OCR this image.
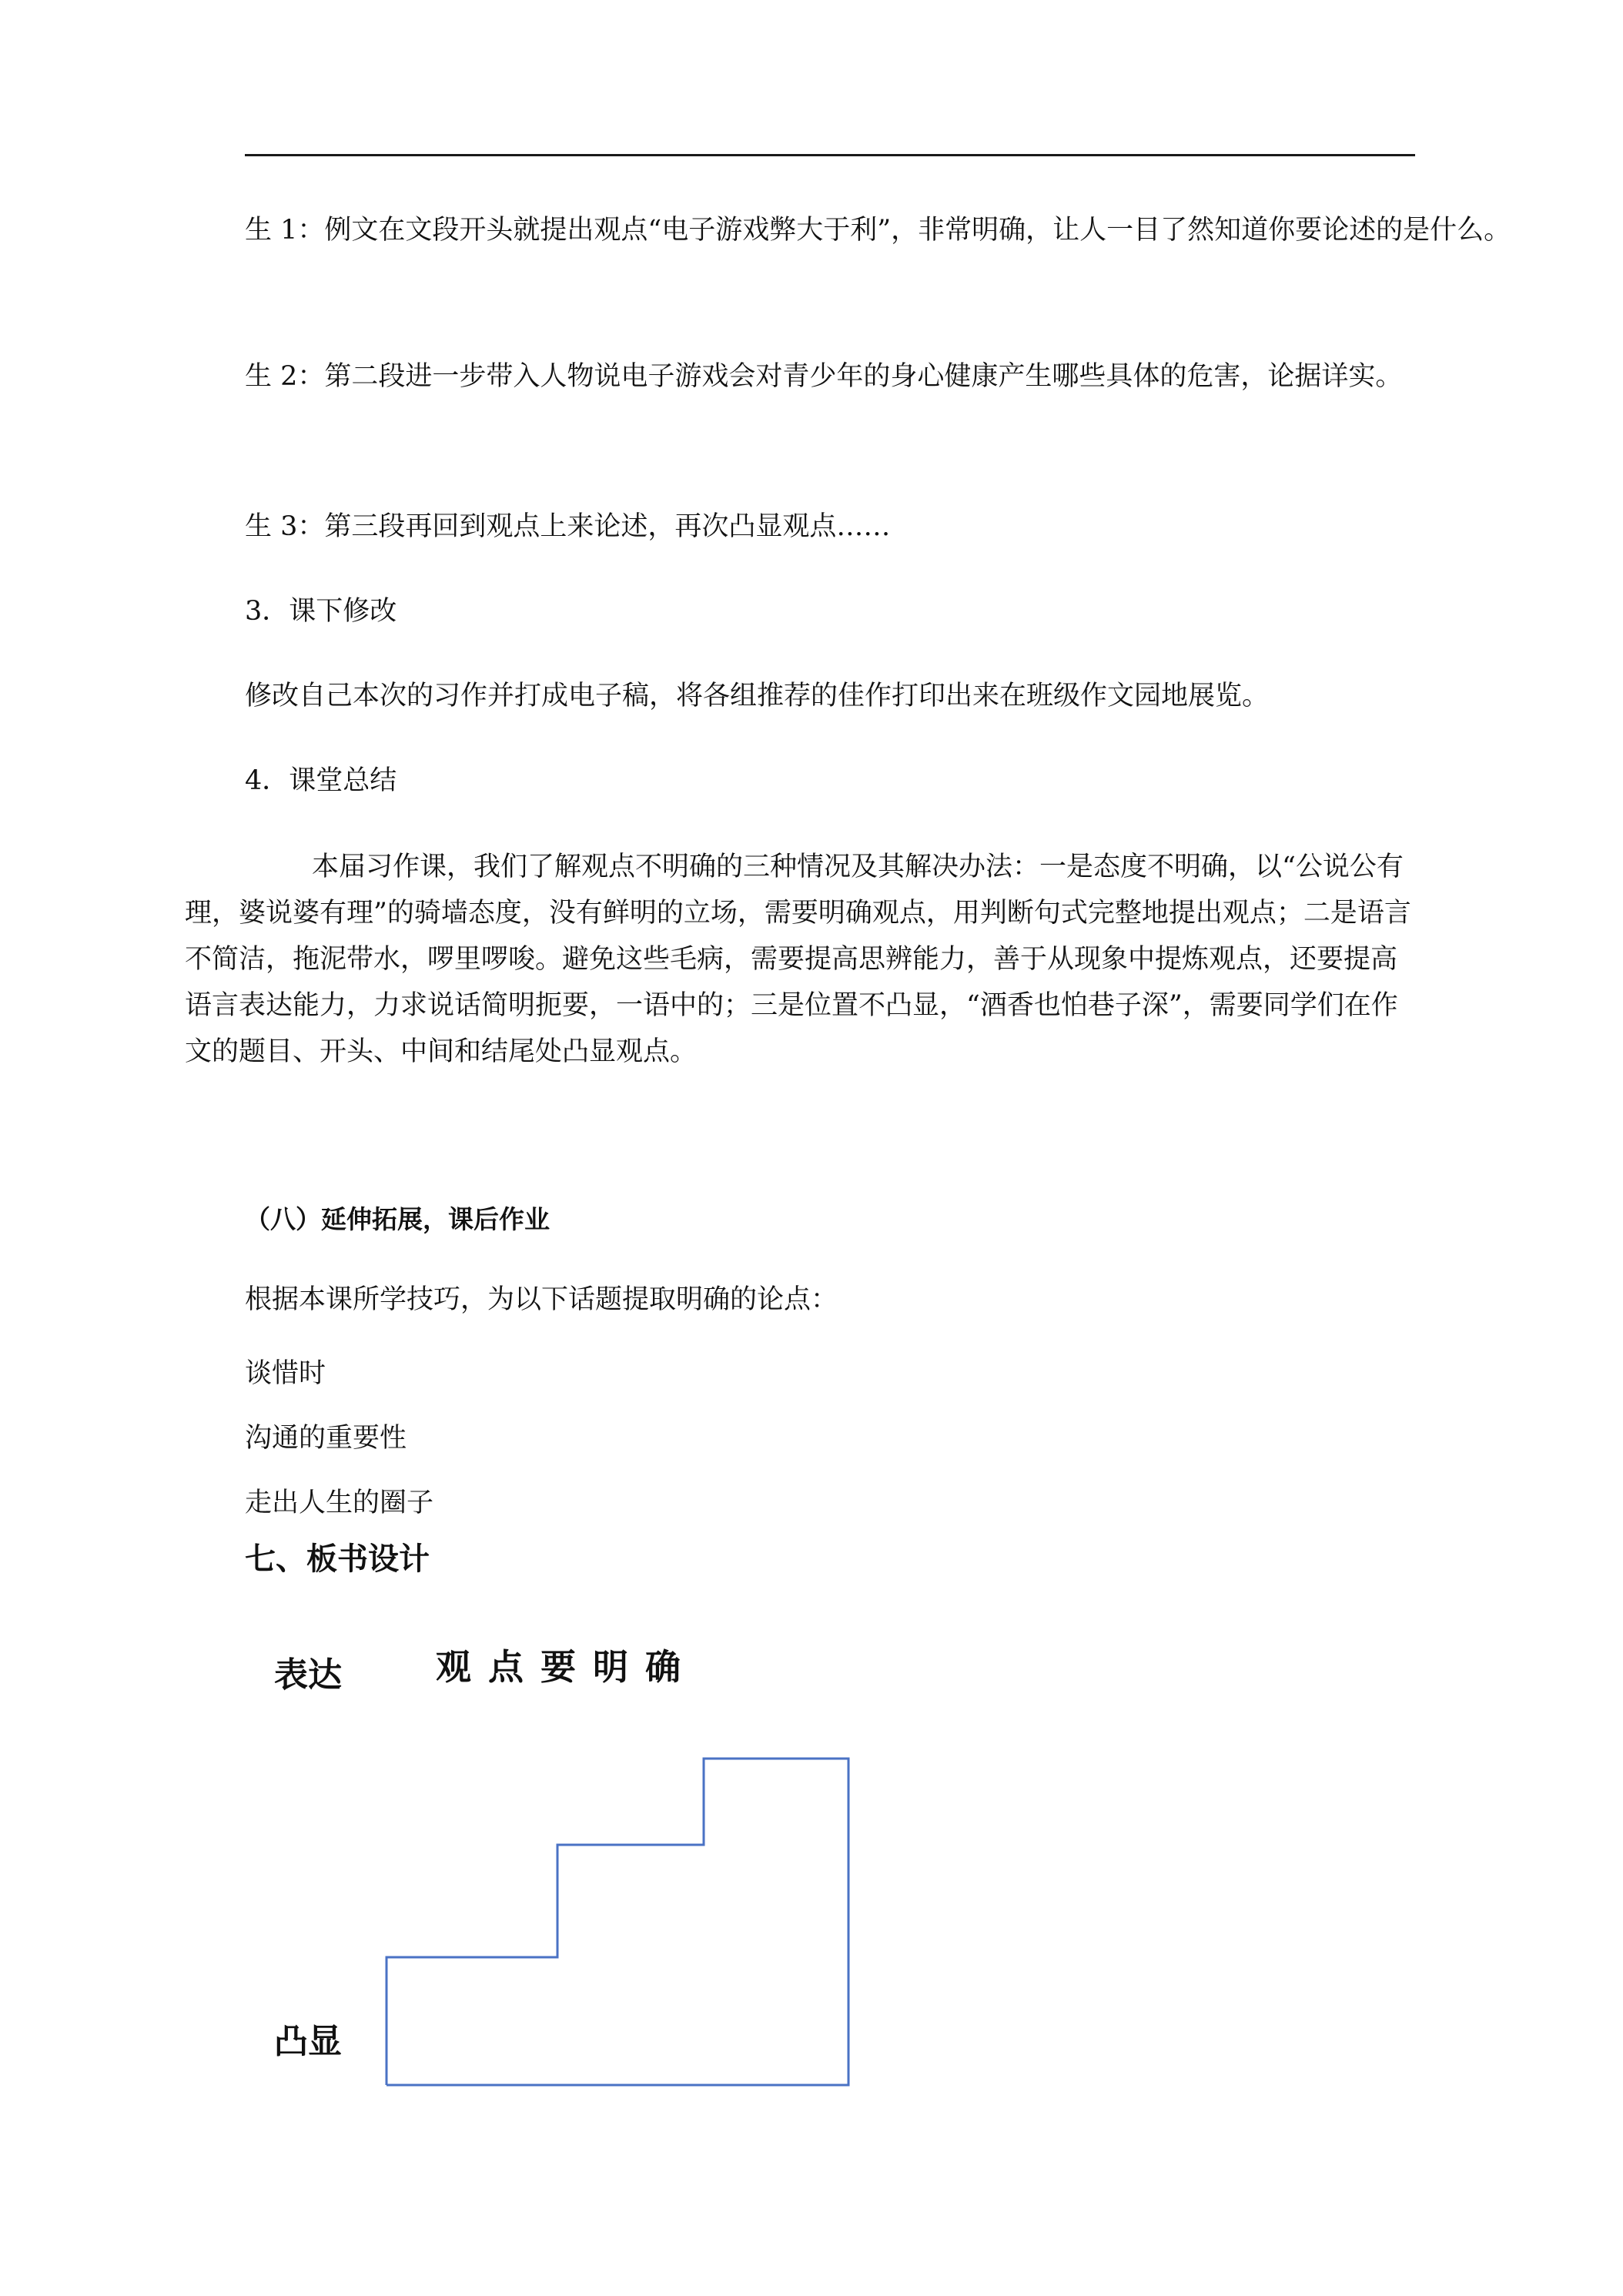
生 1：例文在文段开头就提出观点“电子游戏弊大于利”，非常明确，让人一目了然知道你要论述的是什么。

生 2：第二段进一步带入人物说电子游戏会对青少年的身心健康产生哪些具体的危害，论据详实。

生 3：第三段再回到观点上来论述，再次凸显观点……

3．课下修改

修改自己本次的习作并打成电子稿，将各组推荐的佳作打印出来在班级作文园地展览。

4．课堂总结

本届习作课，我们了解观点不明确的三种情况及其解决办法：一是态度不明确，以“公说公有理，婆说婆有理”的骑墙态度，没有鲜明的立场，需要明确观点，用判断句式完整地提出观点；二是语言不简洁，拖泥带水，啰里啰唆。避免这些毛病，需要提高思辨能力，善于从现象中提炼观点，还要提高语言表达能力，力求说话简明扼要，一语中的；三是位置不凸显，“酒香也怕巷子深”，需要同学们在作文的题目、开头、中间和结尾处凸显观点。

（八）延伸拓展，课后作业

根据本课所学技巧，为以下话题提取明确的论点：

谈惜时

沟通的重要性

走出人生的圈子

七、板书设计
表达	观点要明确
凸显
